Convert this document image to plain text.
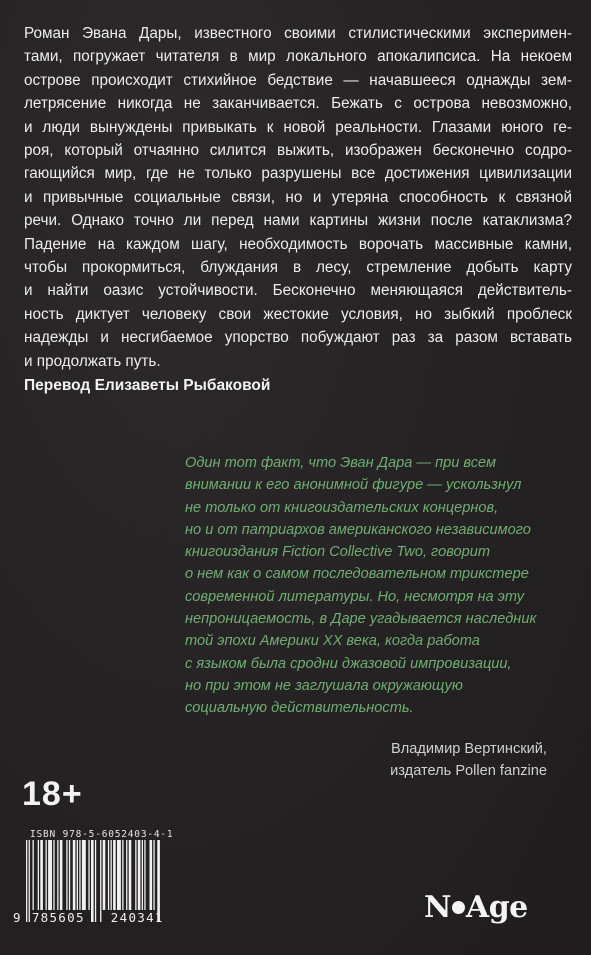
Роман Эвана Дары, известного своими стилистическими эксперимен-
тами, погружает читателя в мир локального апокалипсиса. На некоем
острове происходит стихийное бедствие — начавшееся однажды зем-
летрясение никогда не заканчивается. Бежать с острова невозможно,
и люди вынуждены привыкать к новой реальности. Глазами юного ге-
роя, который отчаянно силится выжить, изображен бесконечно содро-
гающийся мир, где не только разрушены все достижения цивилизации
и привычные социальные связи, но и утеряна способность к связной
речи. Однако точно ли перед нами картины жизни после катаклизма?
Падение на каждом шагу, необходимость ворочать массивные камни,
чтобы прокормиться, блуждания в лесу, стремление добыть карту
и найти оазис устойчивости. Бесконечно меняющаяся действитель-
ность диктует человеку свои жестокие условия, но зыбкий проблеск
надежды и несгибаемое упорство побуждают раз за разом вставать
и продолжать путь.
Перевод Елизаветы Рыбаковой
Один тот факт, что Эван Дара — при всем
внимании к его анонимной фигуре — ускользнул
не только от книгоиздательских концернов,
но и от патриархов американского независимого
книгоиздания Fiction Collective Two, говорит
о нем как о самом последовательном трикстере
современной литературы. Но, несмотря на эту
непроницаемость, в Даре угадывается наследник
той эпохи Америки XX века, когда работа
с языком была сродни джазовой импровизации,
но при этом не заглушала окружающую
социальную действительность.
Владимир Вертинский,
издатель Pollen fanzine
18+
ISBN 978-5-6052403-4-1
9 785605 240341	N Age
